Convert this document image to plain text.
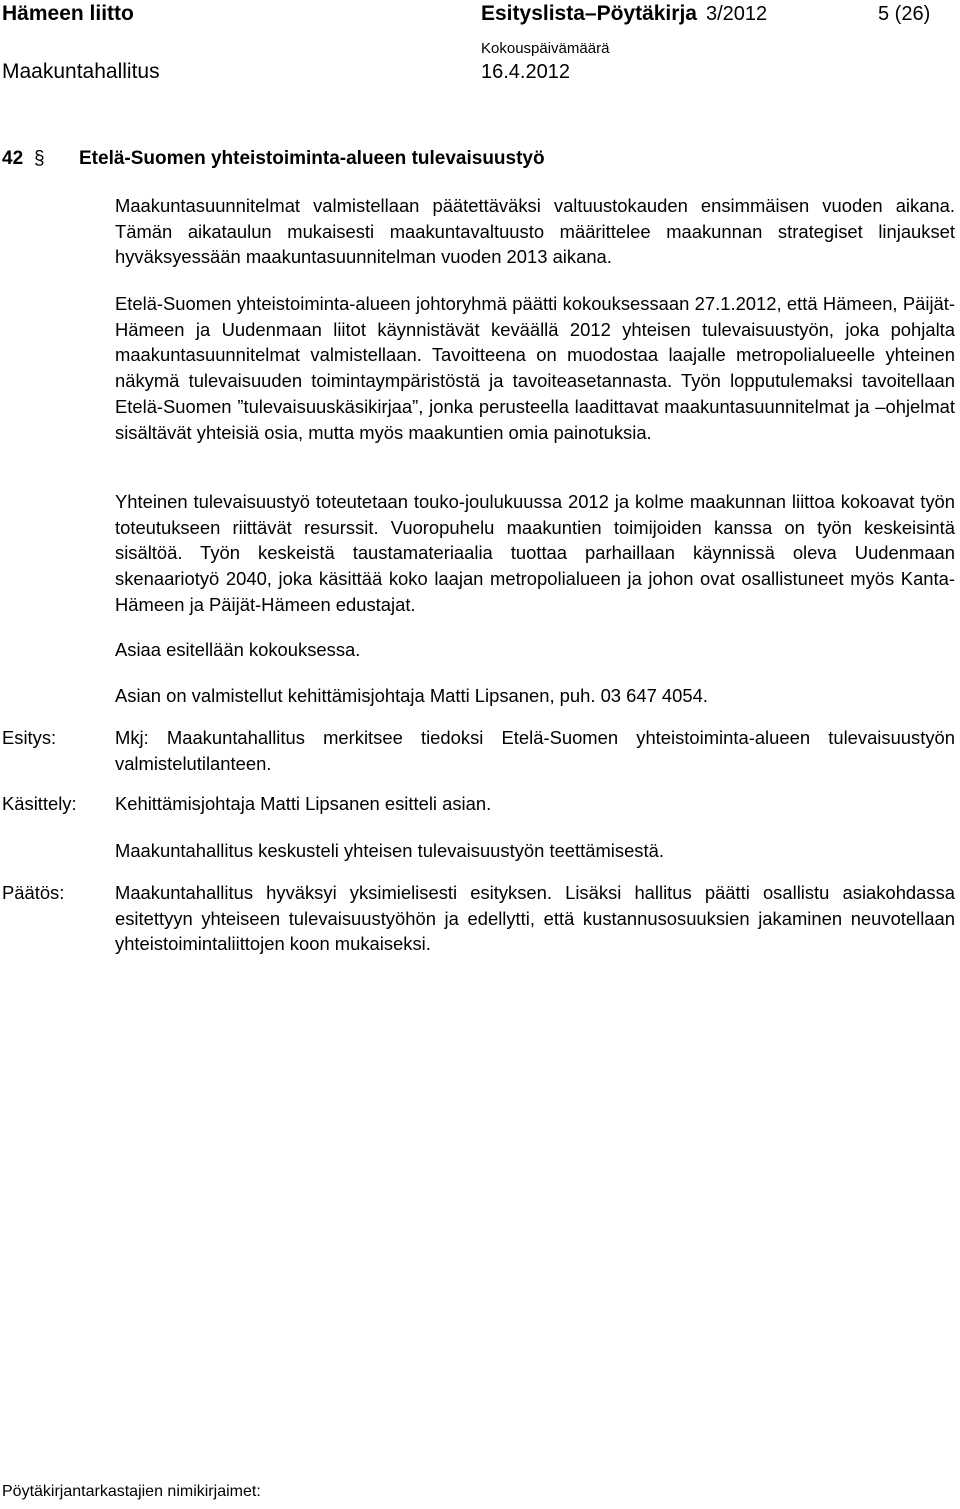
Hämeen liitto	Esityslista–Pöytäkirja 3/2012	5 (26)
Kokouspäivämäärä
Maakuntahallitus	16.4.2012
42 § Etelä-Suomen yhteistoiminta-alueen tulevaisuustyö
Maakuntasuunnitelmat valmistellaan päätettäväksi valtuustokauden ensimmäisen vuoden aikana. Tämän aikataulun mukaisesti maakuntavaltuusto määrittelee maakunnan strategiset linjaukset hyväksyessään maakuntasuunnitelman vuoden 2013 aikana.
Etelä-Suomen yhteistoiminta-alueen johtoryhmä päätti kokouksessaan 27.1.2012, että Hämeen, Päijät-Hämeen ja Uudenmaan liitot käynnistävät keväällä 2012 yhteisen tulevaisuustyön, joka pohjalta maakuntasuunnitelmat valmistellaan. Tavoitteena on muodostaa laajalle metropolialueelle yhteinen näkymä tulevaisuuden toimintaympäristöstä ja tavoiteasetannasta. Työn lopputulemaksi tavoitellaan Etelä-Suomen ”tulevaisuuskäsikirjaa”, jonka perusteella laadittavat maakuntasuunnitelmat ja –ohjelmat sisältävät yhteisiä osia, mutta myös maakuntien omia painotuksia.
Yhteinen tulevaisuustyö toteutetaan touko-joulukuussa 2012 ja kolme maakunnan liittoa kokoavat työn toteutukseen riittävät resurssit. Vuoropuhelu maakuntien toimijoiden kanssa on työn keskeisintä sisältöä. Työn keskeistä taustamateriaalia tuottaa parhaillaan käynnissä oleva Uudenmaan skenaariotyö 2040, joka käsittää koko laajan metropolialueen ja johon ovat osallistuneet myös Kanta-Hämeen ja Päijät-Hämeen edustajat.
Asiaa esitellään kokouksessa.
Asian on valmistellut kehittämisjohtaja Matti Lipsanen, puh. 03 647 4054.
Esitys:	Mkj: Maakuntahallitus merkitsee tiedoksi Etelä-Suomen yhteistoiminta-alueen tulevaisuustyön valmistelutilanteen.
Käsittely: Kehittämisjohtaja Matti Lipsanen esitteli asian.
Maakuntahallitus keskusteli yhteisen tulevaisuustyön teettämisestä.
Päätös:	Maakuntahallitus hyväksyi yksimielisesti esityksen. Lisäksi hallitus päätti osallistu asiakohdassa esitettyyn yhteiseen tulevaisuustyöhön ja edellytti, että kustannusosuuksien jakaminen neuvotellaan yhteistoimintaliittojen koon mukaiseksi.
Pöytäkirjantarkastajien nimikirjaimet:
